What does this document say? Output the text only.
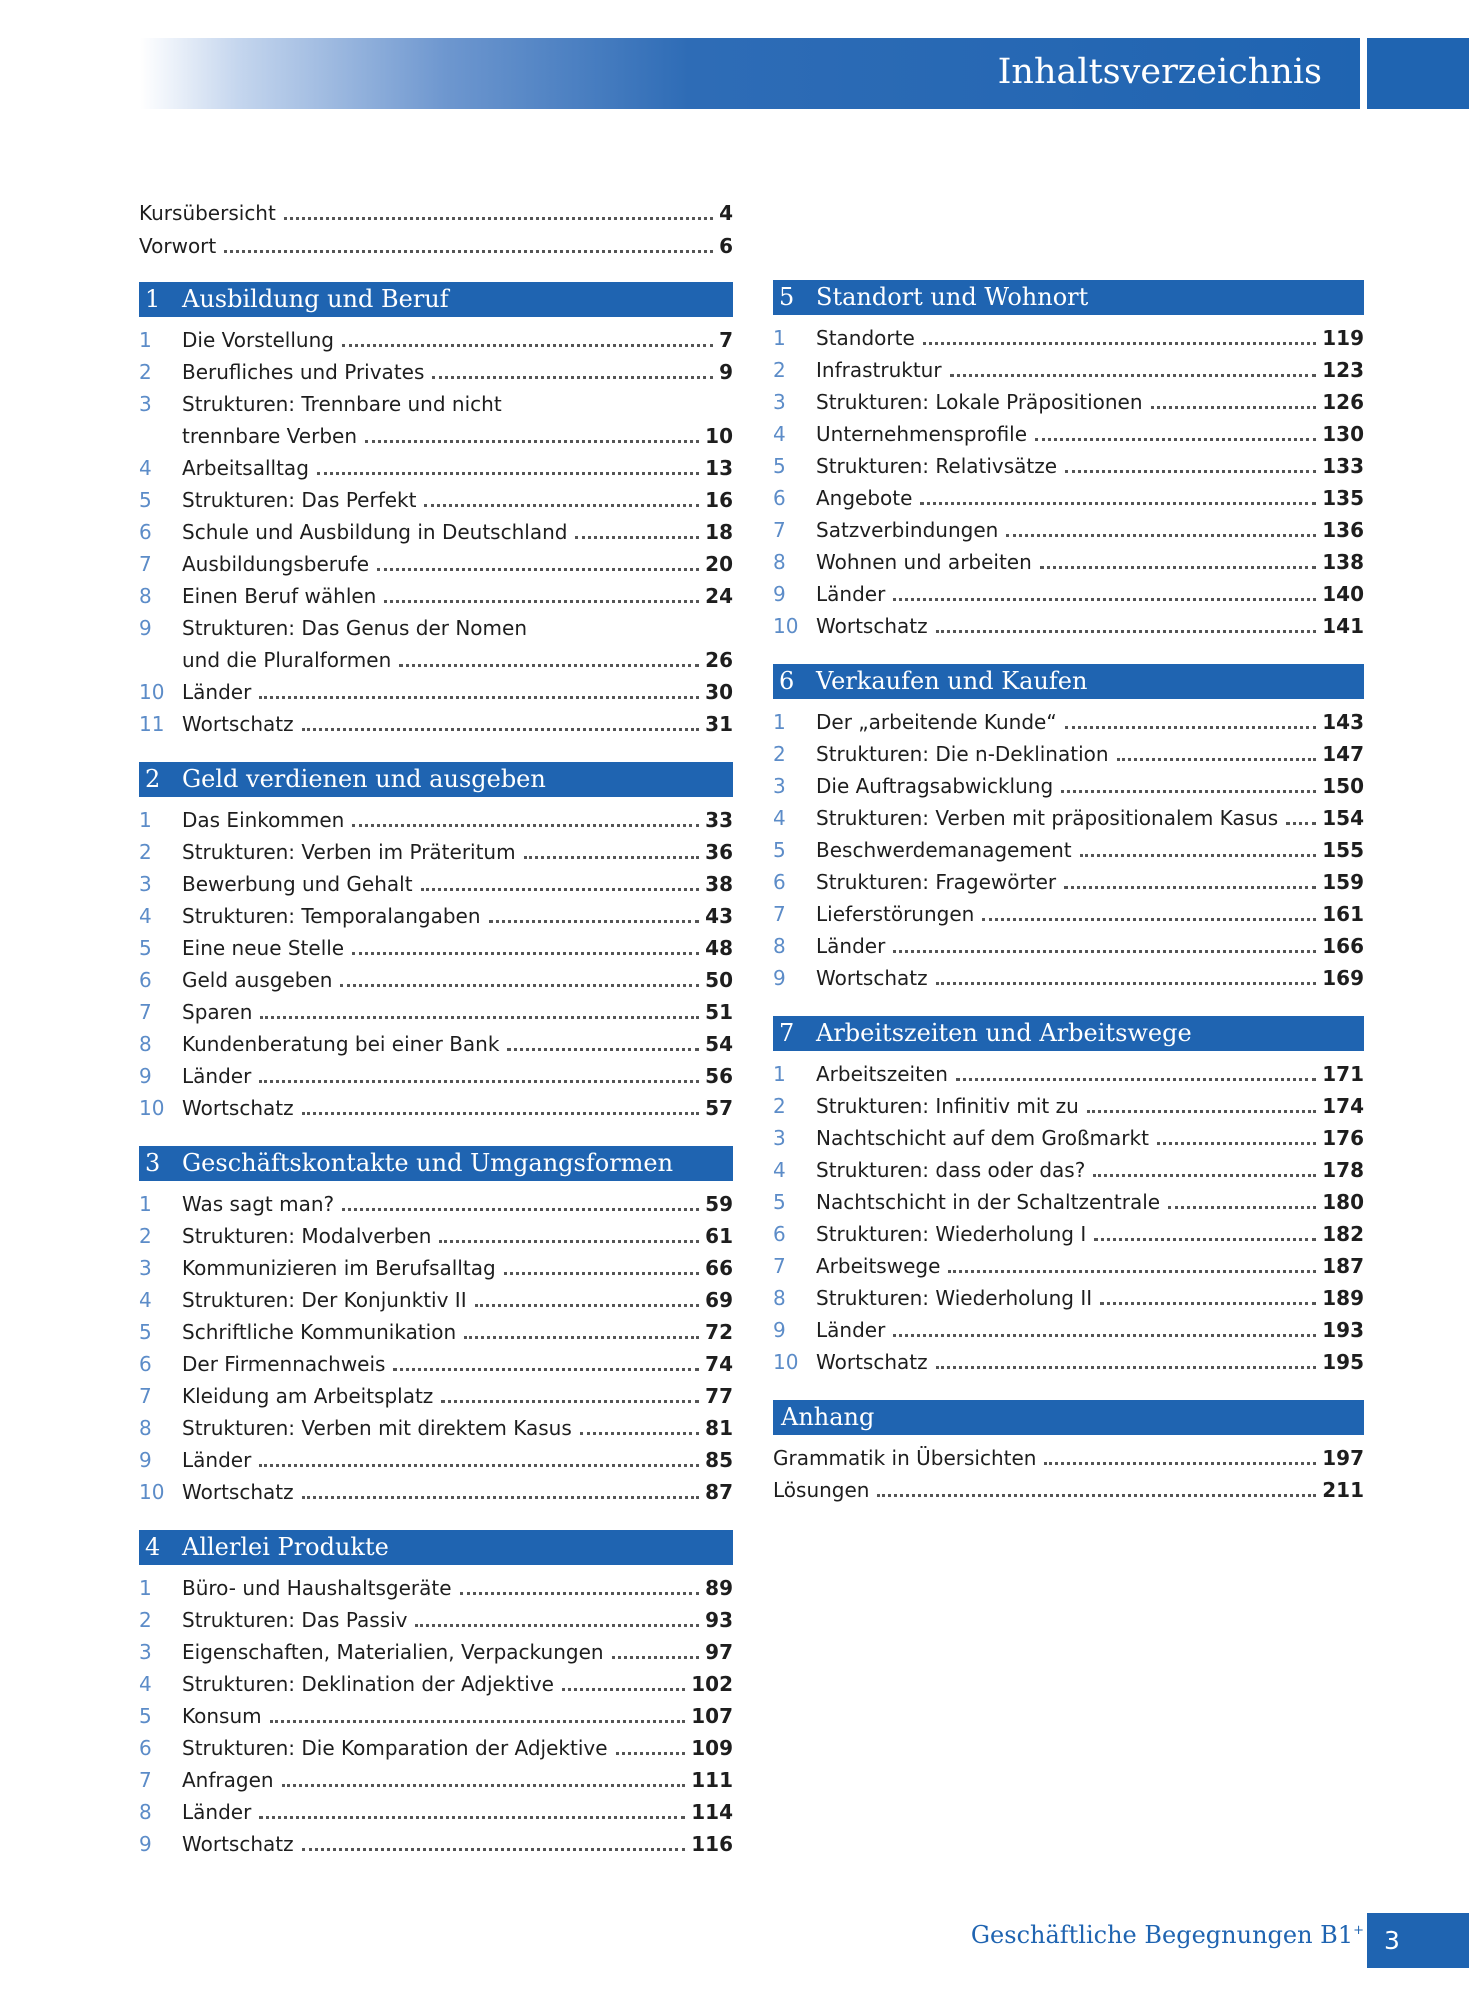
Inhaltsverzeichnis
Kursübersicht	4
Vorwort	6
1 Ausbildung und Beruf
1	Die Vorstellung	7
2	Berufliches und Privates	9
3	Strukturen: Trennbare und nicht
trennbare Verben	10
4	Arbeitsalltag	13
5	Strukturen: Das Perfekt	16
6	Schule und Ausbildung in Deutschland	18
7	Ausbildungsberufe	20
8	Einen Beruf wählen	24
9	Strukturen: Das Genus der Nomen
und die Pluralformen	26
10 Länder	30
11 Wortschatz	31
2 Geld verdienen und ausgeben
1	Das Einkommen	33
2	Strukturen: Verben im Präteritum	36
3	Bewerbung und Gehalt	38
4	Strukturen: Temporalangaben	43
5	Eine neue Stelle	48
6	Geld ausgeben	50
7	Sparen	51
8	Kundenberatung bei einer Bank	54
9	Länder	56
10 Wortschatz	57
3 Geschäftskontakte und Umgangsformen
1	Was sagt man?	59
2	Strukturen: Modalverben	61
3	Kommunizieren im Berufsalltag	66
4	Strukturen: Der Konjunktiv II	69
5	Schriftliche Kommunikation	72
6	Der Firmennachweis	74
7	Kleidung am Arbeitsplatz	77
8	Strukturen: Verben mit direktem Kasus	81
9	Länder	85
10 Wortschatz	87
4 Allerlei Produkte
1	Büro- und Haushaltsgeräte	89
2	Strukturen: Das Passiv	93
3	Eigenschaften, Materialien, Verpackungen	97
4	Strukturen: Deklination der Adjektive	102
5	Konsum	107
6	Strukturen: Die Komparation der Adjektive	109
7	Anfragen	111
8	Länder	114
9	Wortschatz	116
5 Standort und Wohnort
1	Standorte	119
2	Infrastruktur	123
3	Strukturen: Lokale Präpositionen	126
4	Unternehmensprofile	130
5	Strukturen: Relativsätze	133
6	Angebote	135
7	Satzverbindungen	136
8	Wohnen und arbeiten	138
9	Länder	140
10 Wortschatz	141
6 Verkaufen und Kaufen
1	Der „arbeitende Kunde“	143
2	Strukturen: Die n-Deklination	147
3	Die Auftragsabwicklung	150
4	Strukturen: Verben mit präpositionalem Kasus 154
5	Beschwerdemanagement	155
6	Strukturen: Fragewörter	159
7	Lieferstörungen	161
8	Länder	166
9	Wortschatz	169
7 Arbeitszeiten und Arbeitswege
1	Arbeitszeiten	171
2	Strukturen: Infinitiv mit zu	174
3	Nachtschicht auf dem Großmarkt	176
4	Strukturen: dass oder das?	178
5	Nachtschicht in der Schaltzentrale	180
6	Strukturen: Wiederholung I	182
7	Arbeitswege	187
8	Strukturen: Wiederholung II	189
9	Länder	193
10 Wortschatz	195
Anhang
Grammatik in Übersichten	197
Lösungen	211
Geschäftliche Begegnungen B1+ 3
